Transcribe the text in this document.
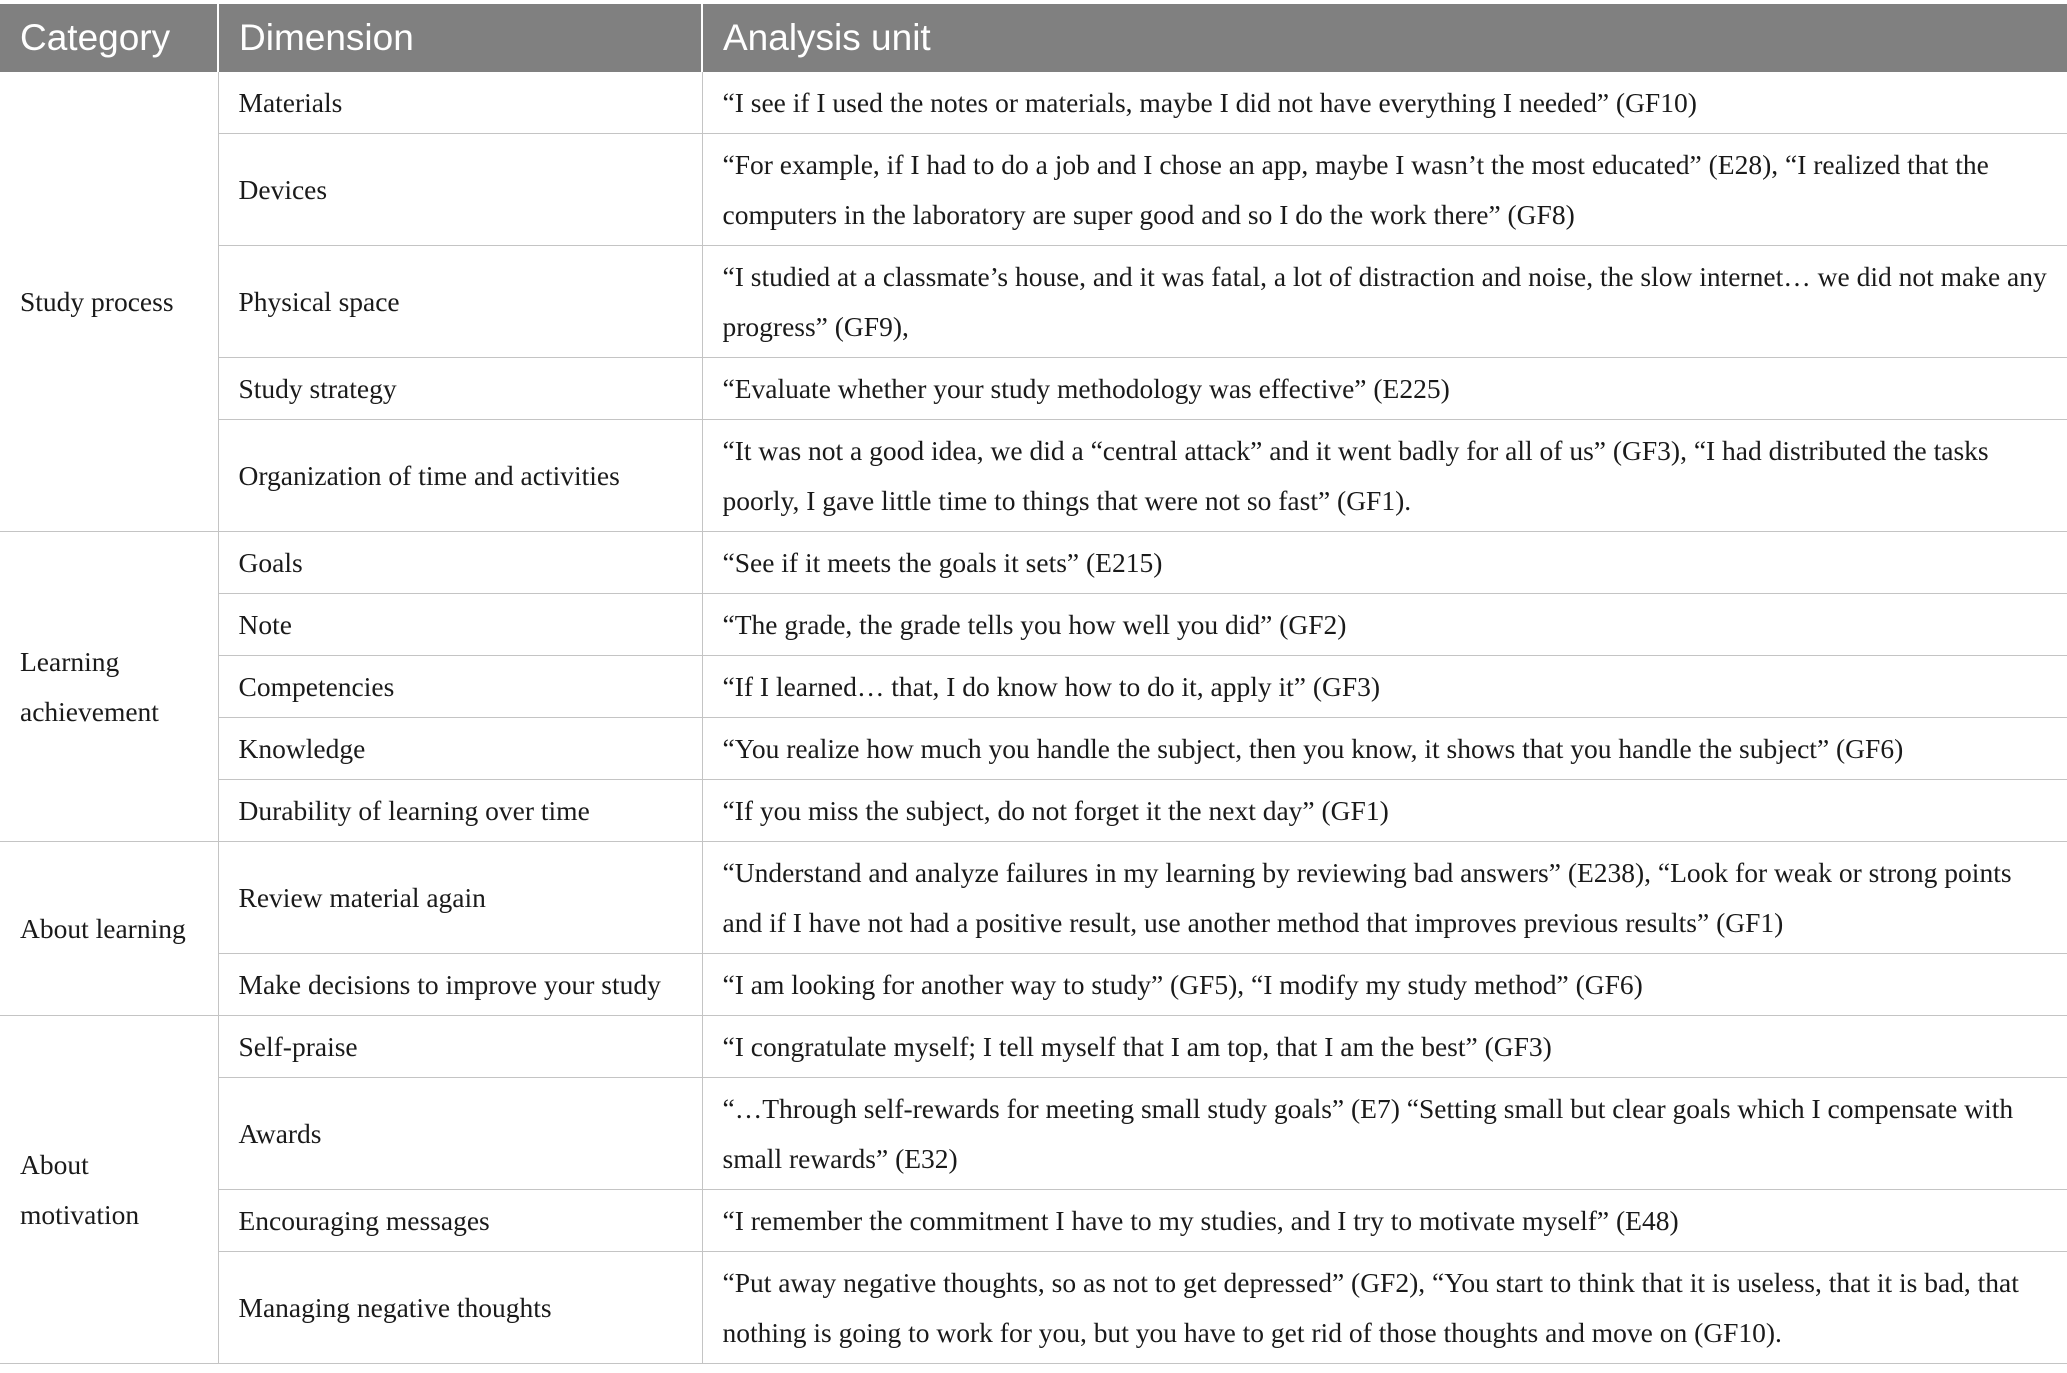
Category	Dimension	Analysis unit
Study process	Materials	“I see if I used the notes or materials, maybe I did not have everything I needed” (GF10)
	Devices	“For example, if I had to do a job and I chose an app, maybe I wasn’t the most educated” (E28), “I realized that the computers in the laboratory are super good and so I do the work there” (GF8)
	Physical space	“I studied at a classmate’s house, and it was fatal, a lot of distraction and noise, the slow internet… we did not make any progress” (GF9),
	Study strategy	“Evaluate whether your study methodology was effective” (E225)
	Organization of time and activities	“It was not a good idea, we did a “central attack” and it went badly for all of us” (GF3), “I had distributed the tasks poorly, I gave little time to things that were not so fast” (GF1).
Learning achievement	Goals	“See if it meets the goals it sets” (E215)
	Note	“The grade, the grade tells you how well you did” (GF2)
	Competencies	“If I learned… that, I do know how to do it, apply it” (GF3)
	Knowledge	“You realize how much you handle the subject, then you know, it shows that you handle the subject” (GF6)
	Durability of learning over time	“If you miss the subject, do not forget it the next day” (GF1)
About learning	Review material again	“Understand and analyze failures in my learning by reviewing bad answers” (E238), “Look for weak or strong points and if I have not had a positive result, use another method that improves previous results” (GF1)
	Make decisions to improve your study	“I am looking for another way to study” (GF5), “I modify my study method” (GF6)
About motivation	Self-praise	“I congratulate myself; I tell myself that I am top, that I am the best” (GF3)
	Awards	“…Through self-rewards for meeting small study goals” (E7) “Setting small but clear goals which I compensate with small rewards” (E32)
	Encouraging messages	“I remember the commitment I have to my studies, and I try to motivate myself” (E48)
	Managing negative thoughts	“Put away negative thoughts, so as not to get depressed” (GF2), “You start to think that it is useless, that it is bad, that nothing is going to work for you, but you have to get rid of those thoughts and move on (GF10).
